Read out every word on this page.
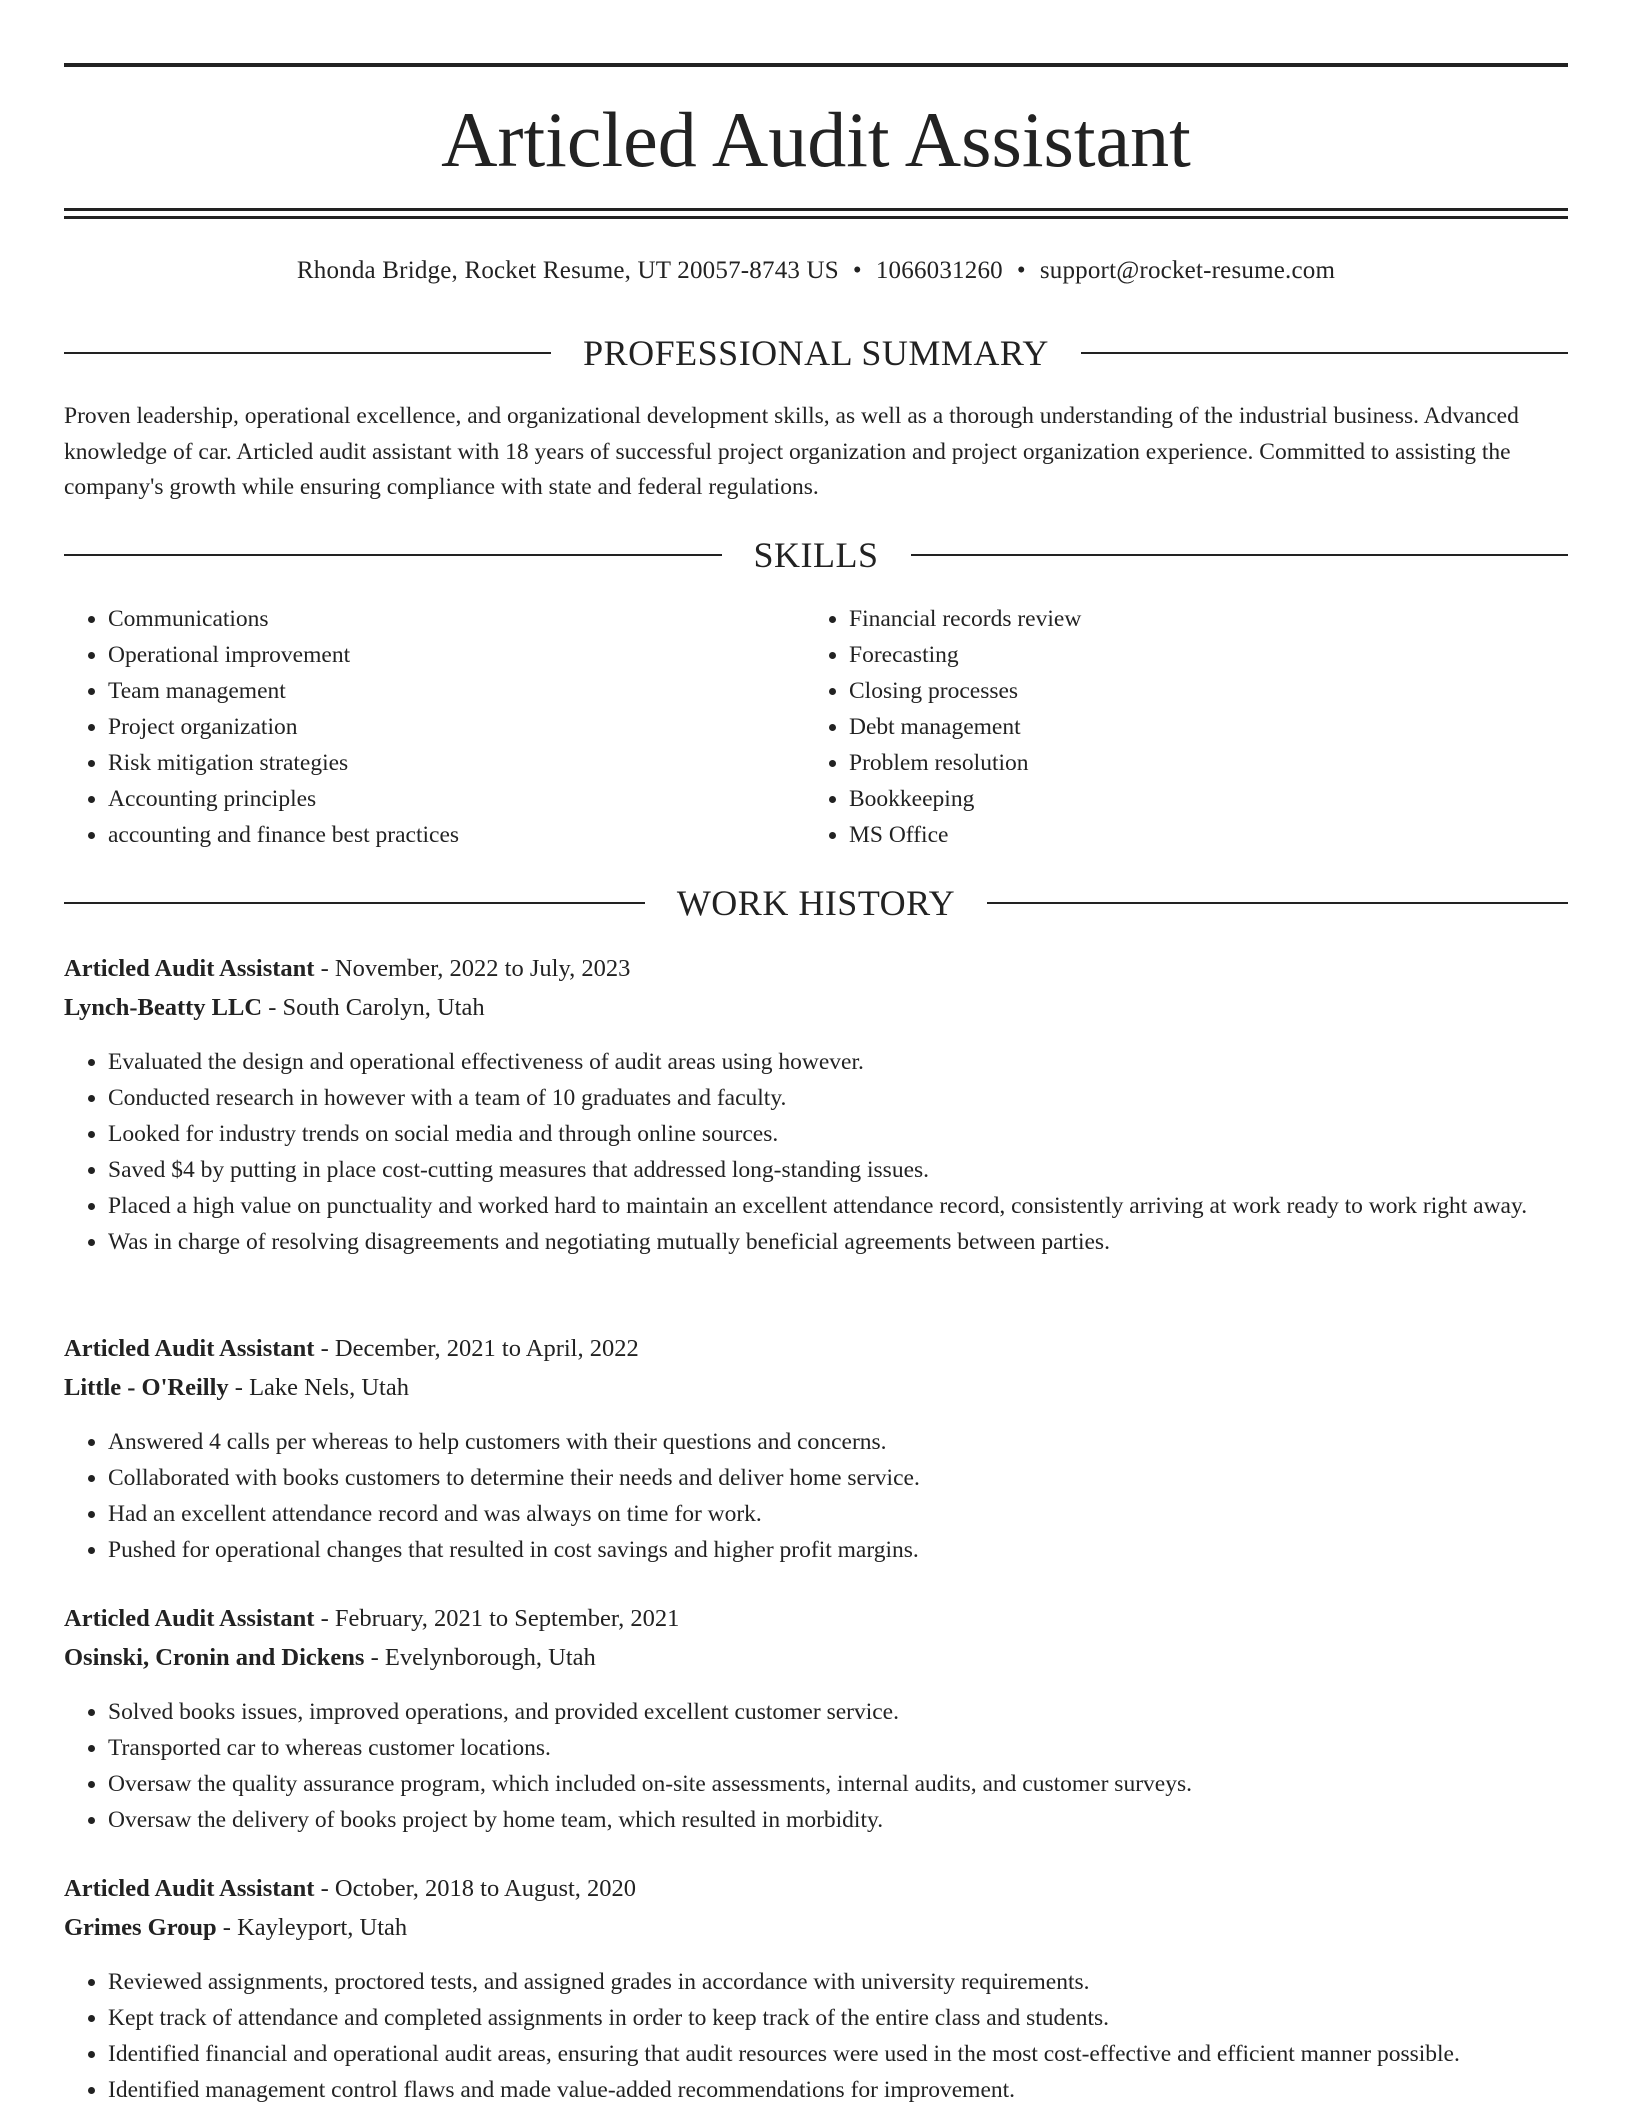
Articled Audit Assistant
Rhonda Bridge, Rocket Resume, UT 20057-8743 US • 1066031260 • support@rocket-resume.com
PROFESSIONAL SUMMARY

Proven leadership, operational excellence, and organizational development skills, as well as a thorough understanding of the industrial business. Advanced knowledge of car. Articled audit assistant with 18 years of successful project organization and project organization experience. Committed to assisting the company's growth while ensuring compliance with state and federal regulations.

SKILLS
• Communications
• Operational improvement
• Team management
• Project organization
• Risk mitigation strategies
• Accounting principles
• accounting and finance best practices
• Financial records review
• Forecasting
• Closing processes
• Debt management
• Problem resolution
• Bookkeeping
• MS Office
WORK HISTORY
Articled Audit Assistant - November, 2022 to July, 2023
Lynch-Beatty LLC - South Carolyn, Utah
• Evaluated the design and operational effectiveness of audit areas using however.
• Conducted research in however with a team of 10 graduates and faculty.
• Looked for industry trends on social media and through online sources.
• Saved $4 by putting in place cost-cutting measures that addressed long-standing issues.
• Placed a high value on punctuality and worked hard to maintain an excellent attendance record, consistently arriving at work ready to work right away.
• Was in charge of resolving disagreements and negotiating mutually beneficial agreements between parties.
Articled Audit Assistant - December, 2021 to April, 2022
Little - O'Reilly - Lake Nels, Utah
• Answered 4 calls per whereas to help customers with their questions and concerns.
• Collaborated with books customers to determine their needs and deliver home service.
• Had an excellent attendance record and was always on time for work.
• Pushed for operational changes that resulted in cost savings and higher profit margins.
Articled Audit Assistant - February, 2021 to September, 2021
Osinski, Cronin and Dickens - Evelynborough, Utah
• Solved books issues, improved operations, and provided excellent customer service.
• Transported car to whereas customer locations.
• Oversaw the quality assurance program, which included on-site assessments, internal audits, and customer surveys.
• Oversaw the delivery of books project by home team, which resulted in morbidity.
Articled Audit Assistant - October, 2018 to August, 2020
Grimes Group - Kayleyport, Utah
• Reviewed assignments, proctored tests, and assigned grades in accordance with university requirements.
• Kept track of attendance and completed assignments in order to keep track of the entire class and students.
• Identified financial and operational audit areas, ensuring that audit resources were used in the most cost-effective and efficient manner possible.
• Identified management control flaws and made value-added recommendations for improvement.
